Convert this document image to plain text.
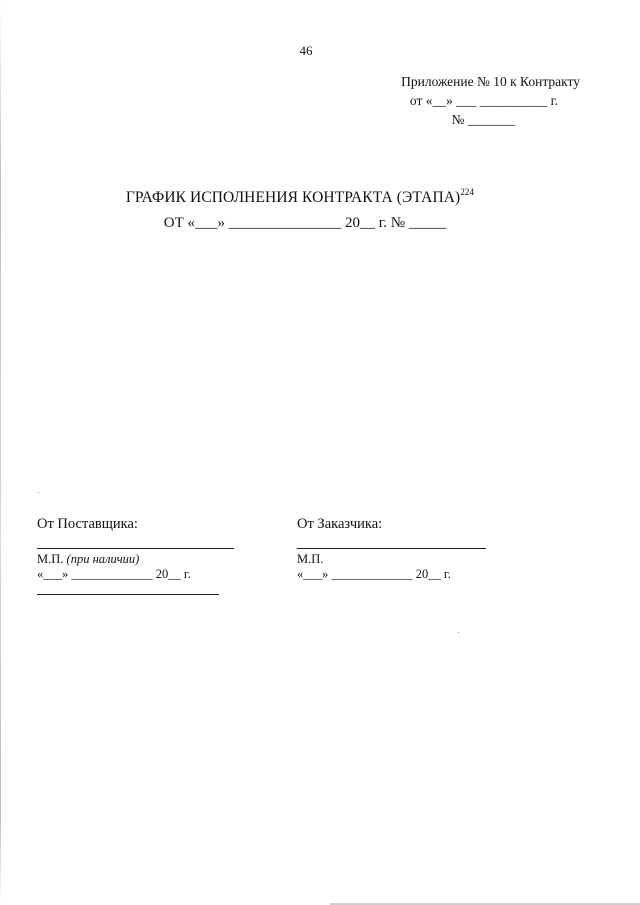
46
Приложение № 10 к Контракту
от «__» ___ __________ г.
№ _______
ГРАФИК ИСПОЛНЕНИЯ КОНТРАКТА (ЭТАПА)$^{224}$
ОТ «___» _______________ 20__ г. № _____
От Поставщика:
М.П. (при наличии)
«___» _____________ 20__ г.
От Заказчика:
М.П.
«___» _____________ 20__ г.
